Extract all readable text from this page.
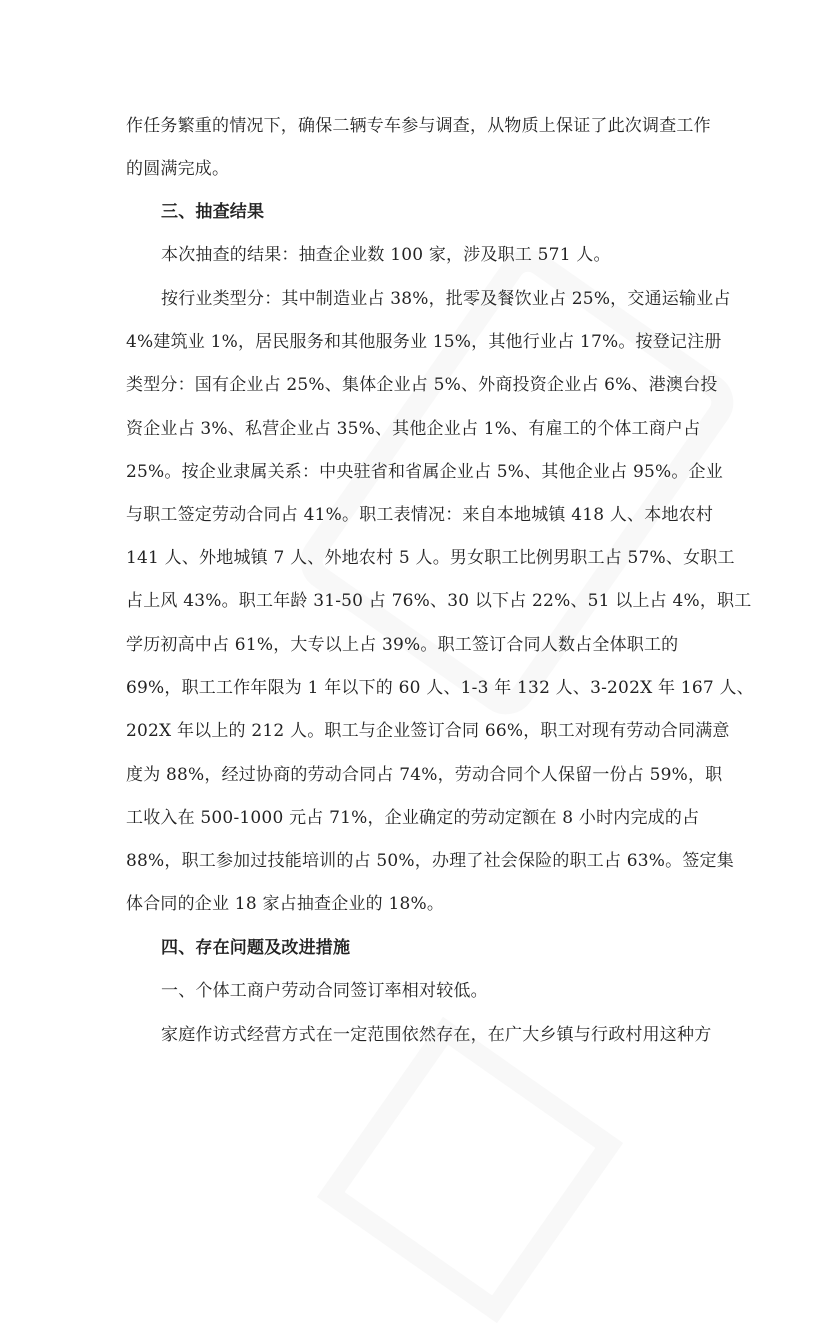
作任务繁重的情况下，确保二辆专车参与调查，从物质上保证了此次调查工作
的圆满完成。
三、抽查结果
本次抽查的结果：抽查企业数 100 家，涉及职工 571 人。
按行业类型分：其中制造业占 38%，批零及餐饮业占 25%，交通运输业占
4%建筑业 1%，居民服务和其他服务业 15%，其他行业占 17%。按登记注册
类型分：国有企业占 25%、集体企业占 5%、外商投资企业占 6%、港澳台投
资企业占 3%、私营企业占 35%、其他企业占 1%、有雇工的个体工商户占
25%。按企业隶属关系：中央驻省和省属企业占 5%、其他企业占 95%。企业
与职工签定劳动合同占 41%。职工表情况：来自本地城镇 418 人、本地农村
141 人、外地城镇 7 人、外地农村 5 人。男女职工比例男职工占 57%、女职工
占上风 43%。职工年龄 31-50 占 76%、30 以下占 22%、51 以上占 4%，职工
学历初高中占 61%，大专以上占 39%。职工签订合同人数占全体职工的
69%，职工工作年限为 1 年以下的 60 人、1-3 年 132 人、3-202X 年 167 人、
202X 年以上的 212 人。职工与企业签订合同 66%，职工对现有劳动合同满意
度为 88%，经过协商的劳动合同占 74%，劳动合同个人保留一份占 59%，职
工收入在 500-1000 元占 71%，企业确定的劳动定额在 8 小时内完成的占
88%，职工参加过技能培训的占 50%，办理了社会保险的职工占 63%。签定集
体合同的企业 18 家占抽查企业的 18%。
四、存在问题及改进措施
一、个体工商户劳动合同签订率相对较低。
家庭作访式经营方式在一定范围依然存在，在广大乡镇与行政村用这种方
